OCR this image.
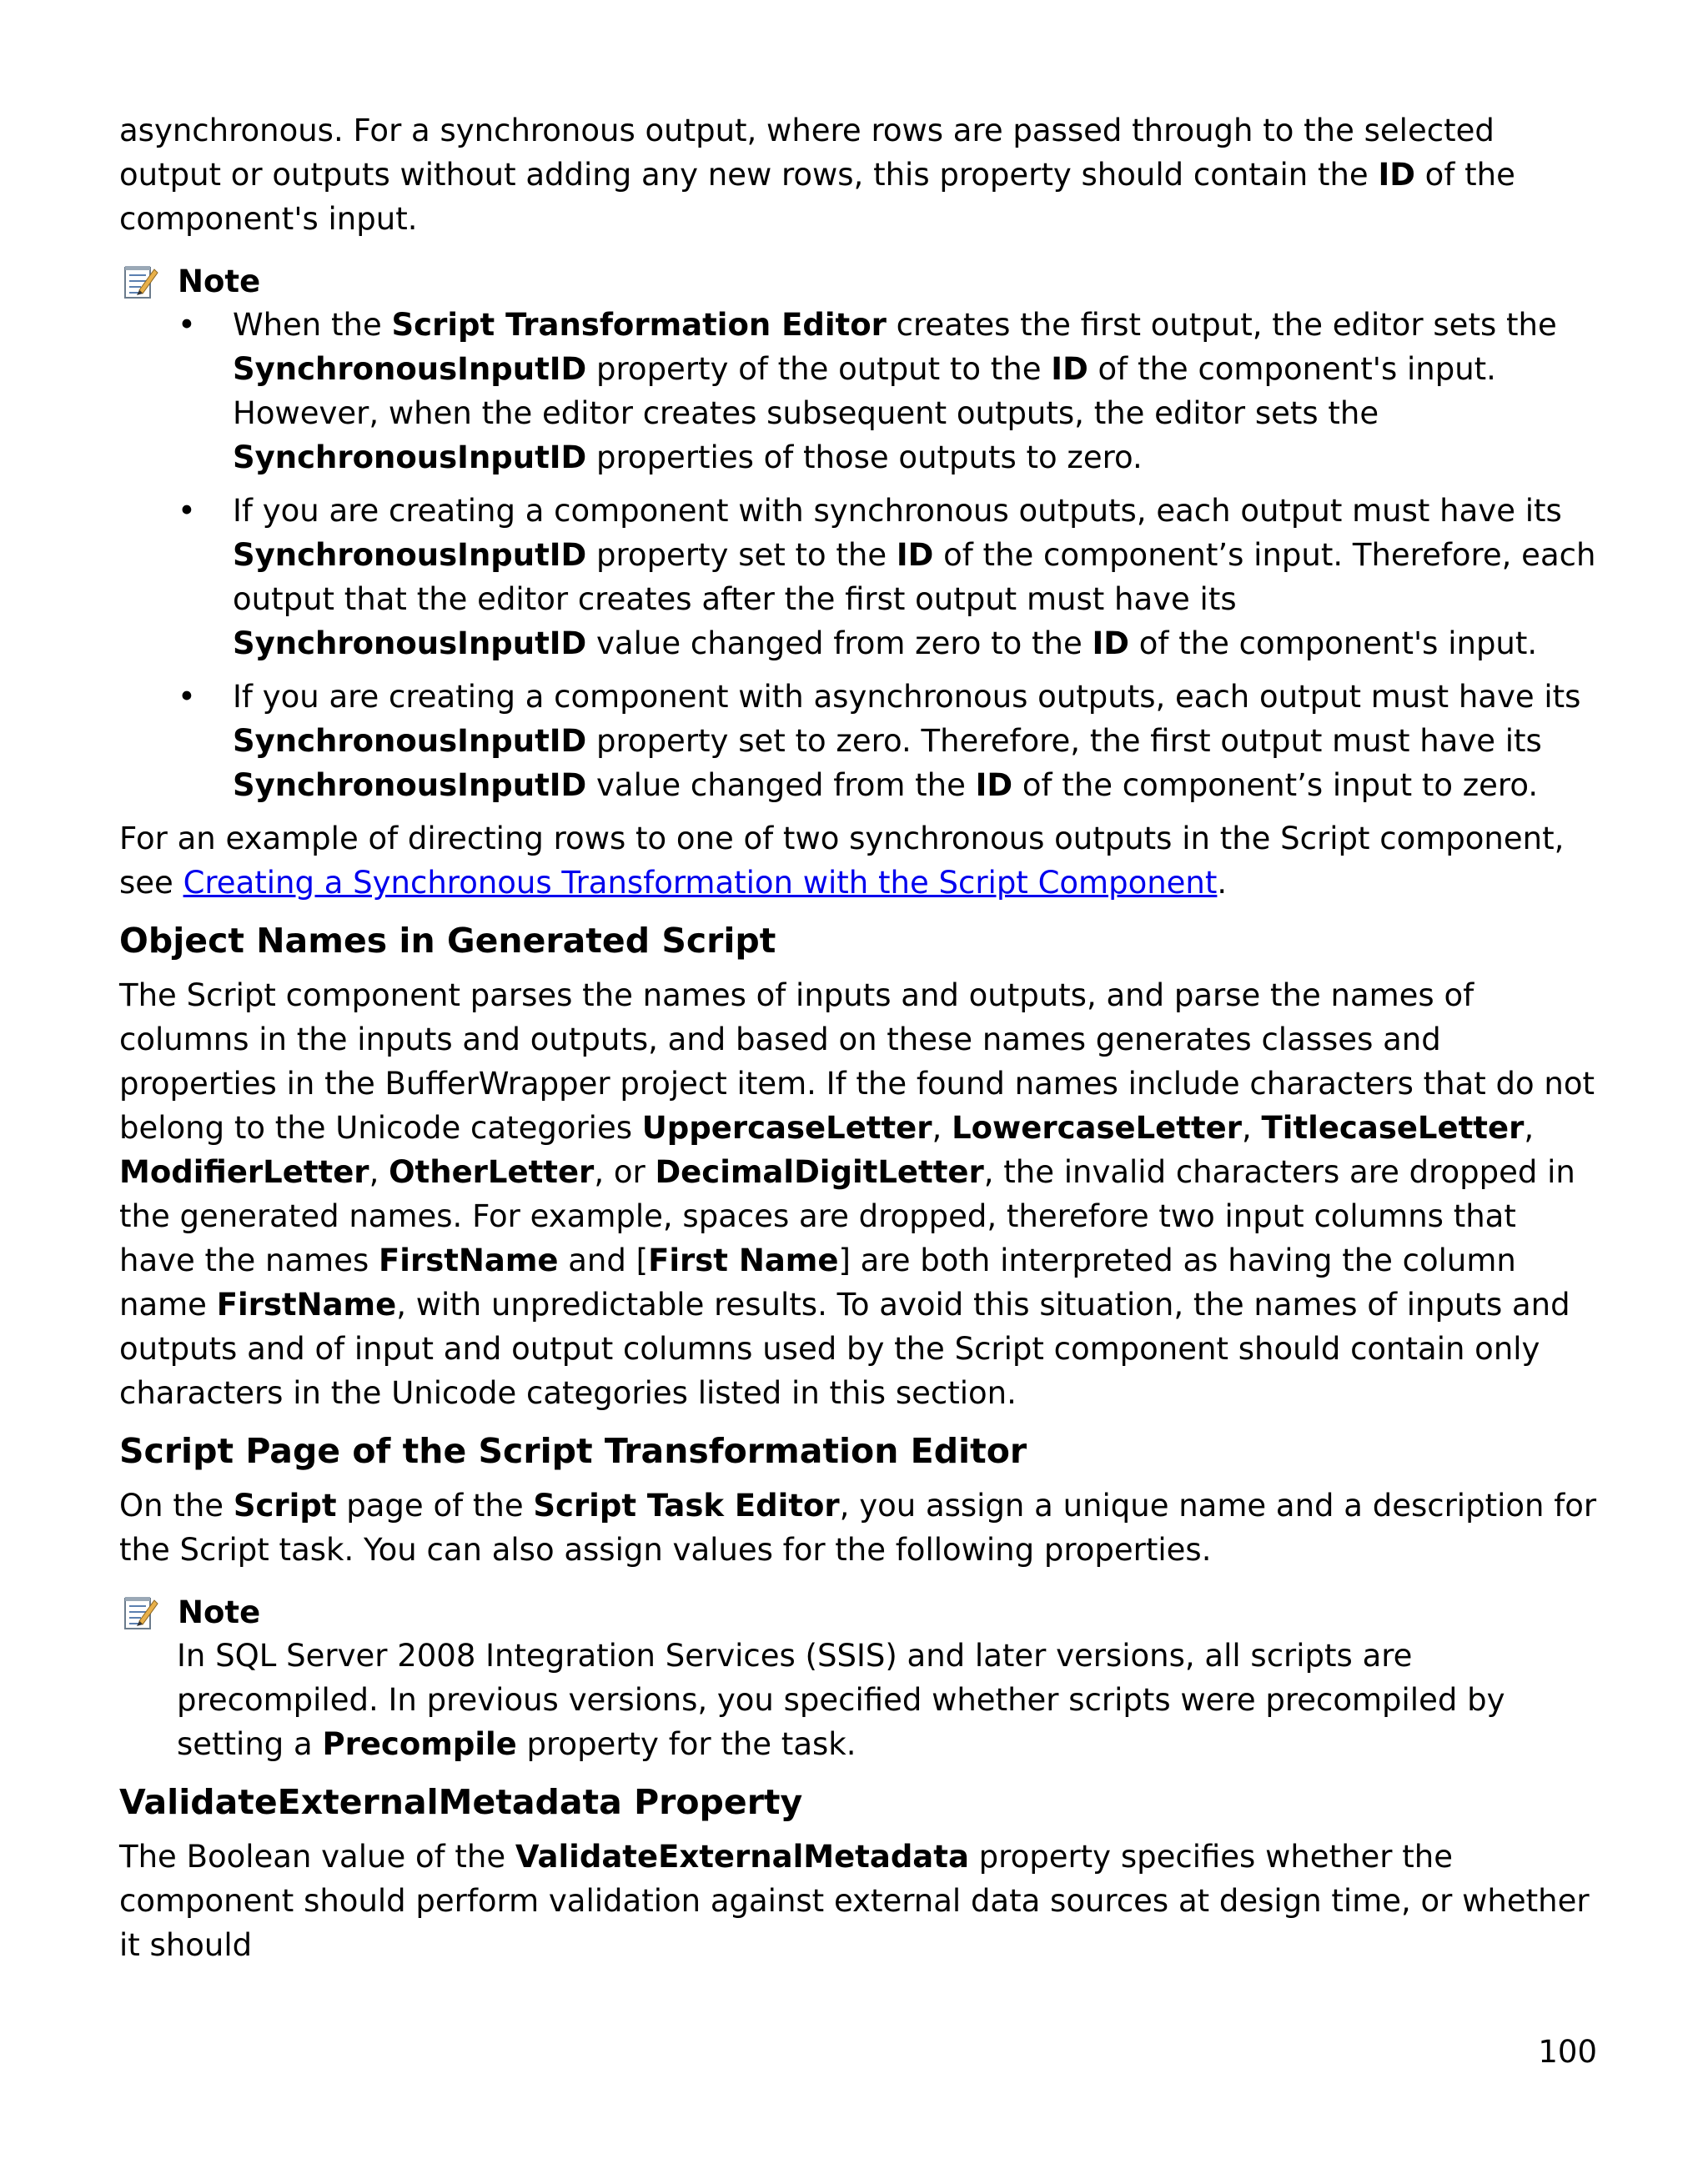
asynchronous. For a synchronous output, where rows are passed through to the selected output or outputs without adding any new rows, this property should contain the ID of the component's input.

Note
• When the Script Transformation Editor creates the first output, the editor sets the SynchronousInputID property of the output to the ID of the component's input. However, when the editor creates subsequent outputs, the editor sets the SynchronousInputID properties of those outputs to zero.
• If you are creating a component with synchronous outputs, each output must have its SynchronousInputID property set to the ID of the component’s input. Therefore, each output that the editor creates after the first output must have its SynchronousInputID value changed from zero to the ID of the component's input.
• If you are creating a component with asynchronous outputs, each output must have its SynchronousInputID property set to zero. Therefore, the first output must have its SynchronousInputID value changed from the ID of the component’s input to zero.

For an example of directing rows to one of two synchronous outputs in the Script component, see Creating a Synchronous Transformation with the Script Component.

Object Names in Generated Script

The Script component parses the names of inputs and outputs, and parse the names of columns in the inputs and outputs, and based on these names generates classes and properties in the BufferWrapper project item. If the found names include characters that do not belong to the Unicode categories UppercaseLetter, LowercaseLetter, TitlecaseLetter, ModifierLetter, OtherLetter, or DecimalDigitLetter, the invalid characters are dropped in the generated names. For example, spaces are dropped, therefore two input columns that have the names FirstName and [First Name] are both interpreted as having the column name FirstName, with unpredictable results. To avoid this situation, the names of inputs and outputs and of input and output columns used by the Script component should contain only characters in the Unicode categories listed in this section.

Script Page of the Script Transformation Editor

On the Script page of the Script Task Editor, you assign a unique name and a description for the Script task. You can also assign values for the following properties.

Note

In SQL Server 2008 Integration Services (SSIS) and later versions, all scripts are precompiled. In previous versions, you specified whether scripts were precompiled by setting a Precompile property for the task.

ValidateExternalMetadata Property

The Boolean value of the ValidateExternalMetadata property specifies whether the component should perform validation against external data sources at design time, or whether it should

100
